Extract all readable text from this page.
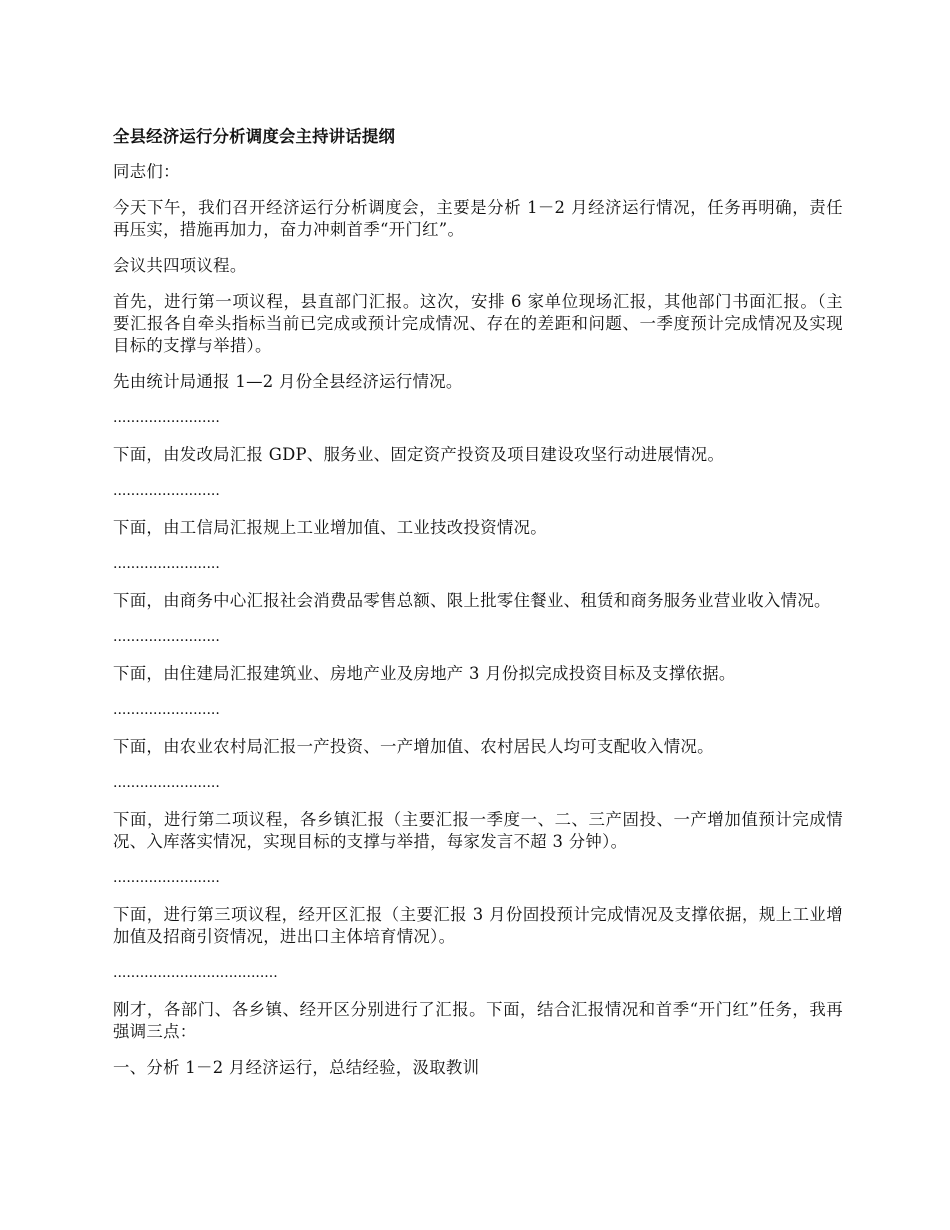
全县经济运行分析调度会主持讲话提纲
同志们：
今天下午，我们召开经济运行分析调度会，主要是分析 1－2 月经济运行情况，任务再明确，责任再压实，措施再加力，奋力冲刺首季“开门红”。
会议共四项议程。
首先，进行第一项议程，县直部门汇报。这次，安排 6 家单位现场汇报，其他部门书面汇报。（主要汇报各自牵头指标当前已完成或预计完成情况、存在的差距和问题、一季度预计完成情况及实现目标的支撑与举措）。
先由统计局通报 1—2 月份全县经济运行情况。
........................
下面，由发改局汇报 GDP、服务业、固定资产投资及项目建设攻坚行动进展情况。
........................
下面，由工信局汇报规上工业增加值、工业技改投资情况。
........................
下面，由商务中心汇报社会消费品零售总额、限上批零住餐业、租赁和商务服务业营业收入情况。
........................
下面，由住建局汇报建筑业、房地产业及房地产 3 月份拟完成投资目标及支撑依据。
........................
下面，由农业农村局汇报一产投资、一产增加值、农村居民人均可支配收入情况。
........................
下面，进行第二项议程，各乡镇汇报（主要汇报一季度一、二、三产固投、一产增加值预计完成情况、入库落实情况，实现目标的支撑与举措，每家发言不超 3 分钟）。
........................
下面，进行第三项议程，经开区汇报（主要汇报 3 月份固投预计完成情况及支撑依据，规上工业增加值及招商引资情况，进出口主体培育情况）。
.....................................
刚才，各部门、各乡镇、经开区分别进行了汇报。下面，结合汇报情况和首季“开门红”任务，我再强调三点：
一、分析 1－2 月经济运行，总结经验，汲取教训
